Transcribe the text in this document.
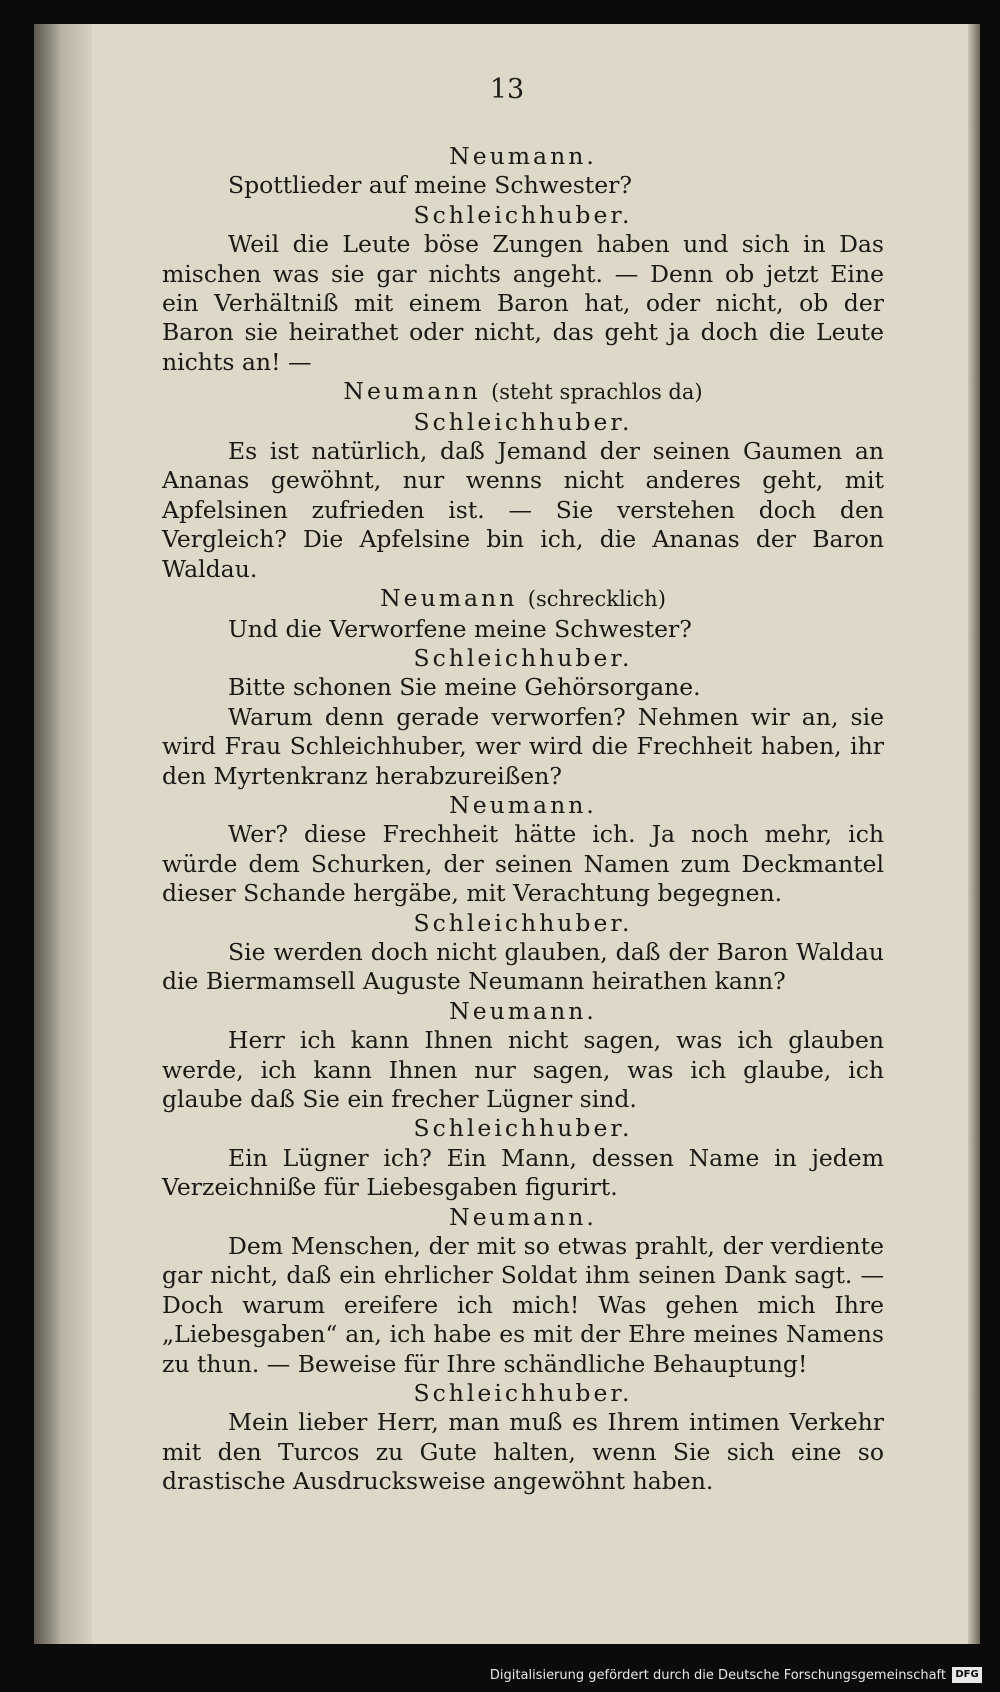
13
Neumann.
Spottlieder auf meine Schwester?
Schleichhuber.
Weil die Leute böse Zungen haben und sich in Das mischen was sie gar nichts angeht. — Denn ob jetzt Eine ein Verhältniß mit einem Baron hat, oder nicht, ob der Baron sie heirathet oder nicht, das geht ja doch die Leute nichts an! —
Neumann (steht sprachlos da)
Schleichhuber.
Es ist natürlich, daß Jemand der seinen Gaumen an Ananas gewöhnt, nur wenns nicht anderes geht, mit Apfelsinen zufrieden ist. — Sie verstehen doch den Vergleich? Die Apfelsine bin ich, die Ananas der Baron Waldau.
Neumann (schrecklich)
Und die Verworfene meine Schwester?
Schleichhuber.
Bitte schonen Sie meine Gehörsorgane.
Warum denn gerade verworfen? Nehmen wir an, sie wird Frau Schleichhuber, wer wird die Frechheit haben, ihr den Myrtenkranz herabzureißen?
Neumann.
Wer? diese Frechheit hätte ich. Ja noch mehr, ich würde dem Schurken, der seinen Namen zum Deckmantel dieser Schande hergäbe, mit Verachtung begegnen.
Schleichhuber.
Sie werden doch nicht glauben, daß der Baron Waldau die Biermamsell Auguste Neumann heirathen kann?
Neumann.
Herr ich kann Ihnen nicht sagen, was ich glauben werde, ich kann Ihnen nur sagen, was ich glaube, ich glaube daß Sie ein frecher Lügner sind.
Schleichhuber.
Ein Lügner ich? Ein Mann, dessen Name in jedem Verzeichniße für Liebesgaben figurirt.
Neumann.
Dem Menschen, der mit so etwas prahlt, der verdiente gar nicht, daß ein ehrlicher Soldat ihm seinen Dank sagt. — Doch warum ereifere ich mich! Was gehen mich Ihre „Liebesgaben“ an, ich habe es mit der Ehre meines Namens zu thun. — Beweise für Ihre schändliche Behauptung!
Schleichhuber.
Mein lieber Herr, man muß es Ihrem intimen Verkehr mit den Turcos zu Gute halten, wenn Sie sich eine so drastische Ausdrucksweise angewöhnt haben.
Digitalisierung gefördert durch die Deutsche Forschungsgemeinschaft DFG
